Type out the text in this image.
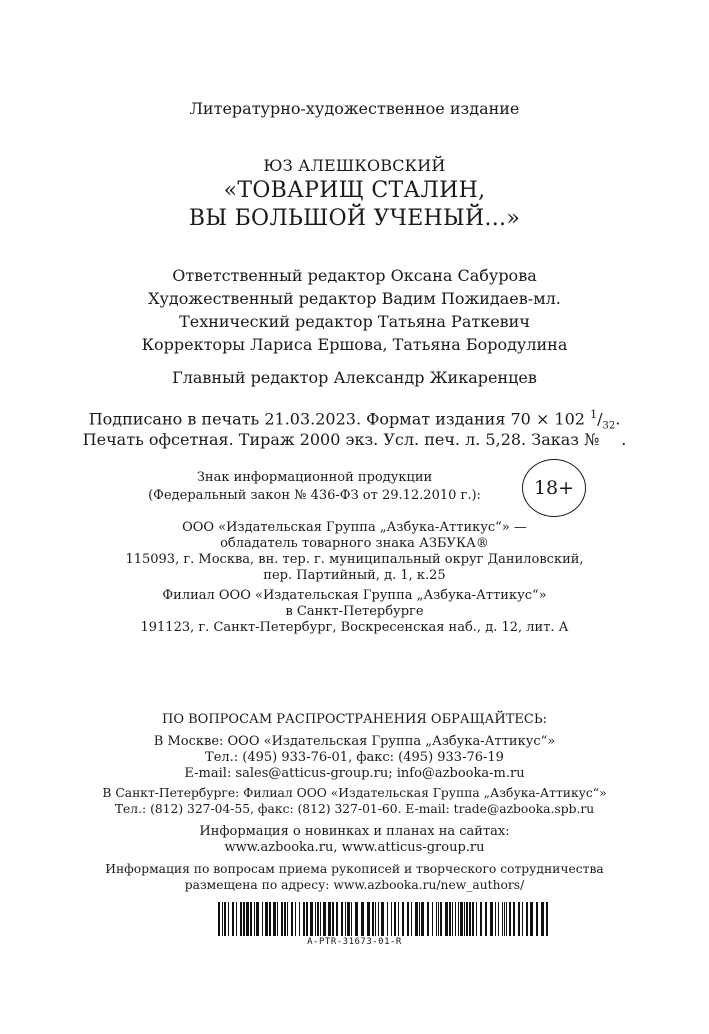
Литературно-художественное издание
ЮЗ АЛЕШКОВСКИЙ
«ТОВАРИЩ СТАЛИН,
ВЫ БОЛЬШОЙ УЧЕНЫЙ...»
Ответственный редактор Оксана Сабурова
Художественный редактор Вадим Пожидаев-мл.
Технический редактор Татьяна Раткевич
Корректоры Лариса Ершова, Татьяна Бородулина
Главный редактор Александр Жикаренцев
Подписано в печать 21.03.2023. Формат издания 70 × 102 $^1/_{32}$.
Печать офсетная. Тираж 2000 экз. Усл. печ. л. 5,28. Заказ № .
Знак информационной продукции
(Федеральный закон № 436-ФЗ от 29.12.2010 г.):	18+
ООО «Издательская Группа „Азбука-Аттикус“» —
обладатель товарного знака АЗБУКА®
115093, г. Москва, вн. тер. г. муниципальный округ Даниловский,
пер. Партийный, д. 1, к.25
Филиал ООО «Издательская Группа „Азбука-Аттикус“»
в Санкт-Петербурге
191123, г. Санкт-Петербург, Воскресенская наб., д. 12, лит. А
ПО ВОПРОСАМ РАСПРОСТРАНЕНИЯ ОБРАЩАЙТЕСЬ:
В Москве: ООО «Издательская Группа „Азбука-Аттикус“»
Тел.: (495) 933-76-01, факс: (495) 933-76-19
E-mail: sales@atticus-group.ru; info@azbooka-m.ru
В Санкт-Петербурге: Филиал ООО «Издательская Группа „Азбука-Аттикус“»
Тел.: (812) 327-04-55, факс: (812) 327-01-60. E-mail: trade@azbooka.spb.ru
Информация о новинках и планах на сайтах:
www.azbooka.ru, www.atticus-group.ru
Информация по вопросам приема рукописей и творческого сотрудничества
размещена по адресу: www.azbooka.ru/new_authors/
A-PTR-31673-01-R
